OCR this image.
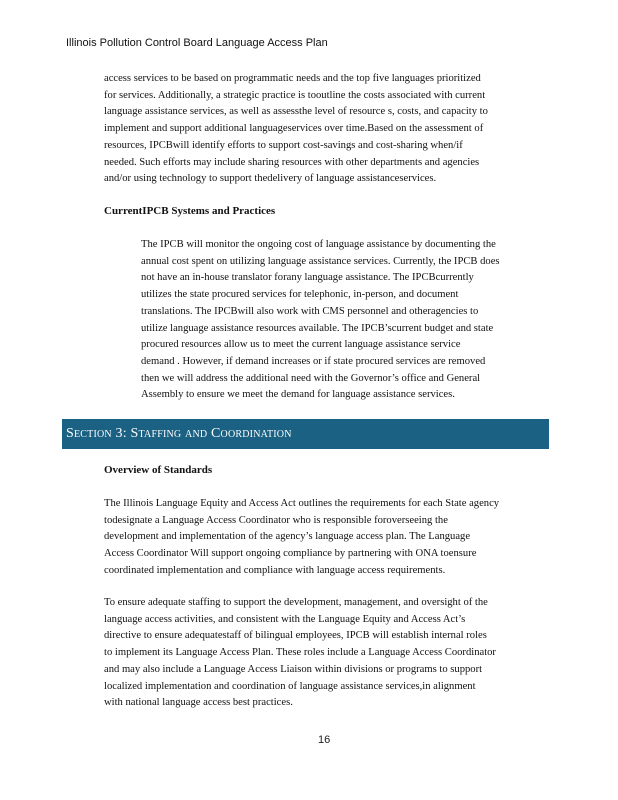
Illinois Pollution Control Board Language Access Plan
access services to be based on programmatic needs and the top five languages prioritized
for services. Additionally, a strategic practice is tooutline the costs associated with current
language assistance services, as well as assessthe level of resource s, costs, and capacity to
implement and support additional languageservices over time.Based on the assessment of
resources, IPCBwill identify efforts to support cost-savings and cost-sharing when/if
needed. Such efforts may include sharing resources with other departments and agencies
and/or using technology to support thedelivery of language assistanceservices.
CurrentIPCB Systems and Practices
The IPCB will monitor the ongoing cost of language assistance by documenting the
annual cost spent on utilizing language assistance services. Currently, the IPCB does
not have an in-house translator forany language assistance. The IPCBcurrently
utilizes the state procured services for telephonic, in-person, and document
translations. The IPCBwill also work with CMS personnel and otheragencies to
utilize language assistance resources available. The IPCB’scurrent budget and state
procured resources allow us to meet the current language assistance service
demand . However, if demand increases or if state procured services are removed
then we will address the additional need with the Governor’s office and General
Assembly to ensure we meet the demand for language assistance services.
Section 3: Staffing and Coordination
Overview of Standards
The Illinois Language Equity and Access Act outlines the requirements for each State agency
todesignate a Language Access Coordinator who is responsible foroverseeing the
development and implementation of the agency’s language access plan. The Language
Access Coordinator Will support ongoing compliance by partnering with ONA toensure
coordinated implementation and compliance with language access requirements.
To ensure adequate staffing to support the development, management, and oversight of the
language access activities, and consistent with the Language Equity and Access Act’s
directive to ensure adequatestaff of bilingual employees, IPCB will establish internal roles
to implement its Language Access Plan. These roles include a Language Access Coordinator
and may also include a Language Access Liaison within divisions or programs to support
localized implementation and coordination of language assistance services,in alignment
with national language access best practices.
16
